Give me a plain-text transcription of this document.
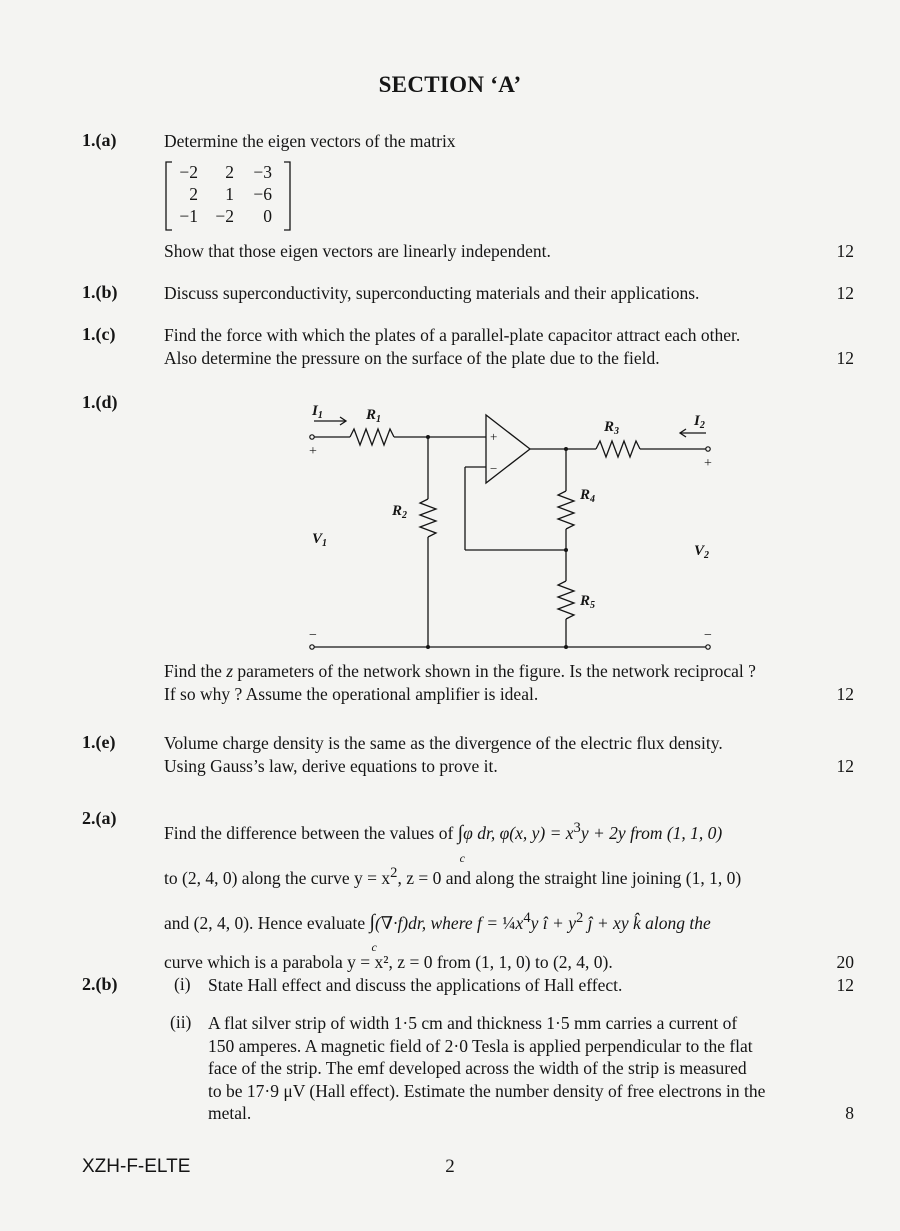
SECTION ‘A’
1.(a)	Determine the eigen vectors of the matrix
−2	2	−3
2	1	−6
−1 −2	0
Show that those eigen vectors are linearly independent.	12
1.(b)	Discuss superconductivity, superconducting materials and their applications.	12
1.(c)	Find the force with which the plates of a parallel-plate capacitor attract each other.
Also determine the pressure on the surface of the plate due to the field.	12
1.(d)	$I_1$	$R_1$
$R_2$
$R_3$
$R_4$
$R_5$
$I_2$
$V_1$	$V_2$
+
+
−	−
+
−
Find the z parameters of the network shown in the figure. Is the network reciprocal ?
If so why ? Assume the operational amplifier is ideal.	12
1.(e)	Volume charge density is the same as the divergence of the electric flux density.
Using Gauss’s law, derive equations to prove it.	12
2.(a)
Find the difference between the values of ∫
c
φ dr, φ(x, $y) = x^3y + 2y$ from (1, 1, 0)
to (2, 4, 0) along the curve $y = x^2$, z = 0 and along the straight line joining (1, 1, 0)
and (2, 4, 0). Hence evaluate ∫
c
(∇·f)dr, where $f = \frac{1}{4}x^4y$ î + $y^2$ ĵ + xy k̂ along the
curve which is a parabola y = x², z = 0 from (1, 1, 0) to (2, 4, 0).	20
2.(b)	(i) State Hall effect and discuss the applications of Hall effect.	12
(ii) A flat silver strip of width 1·5 cm and thickness 1·5 mm carries a current of
150 amperes. A magnetic field of 2·0 Tesla is applied perpendicular to the flat
face of the strip. The emf developed across the width of the strip is measured
to be 17·9 μV (Hall effect). Estimate the number density of free electrons in the
metal.	8
XZH-F-ELTE	2
